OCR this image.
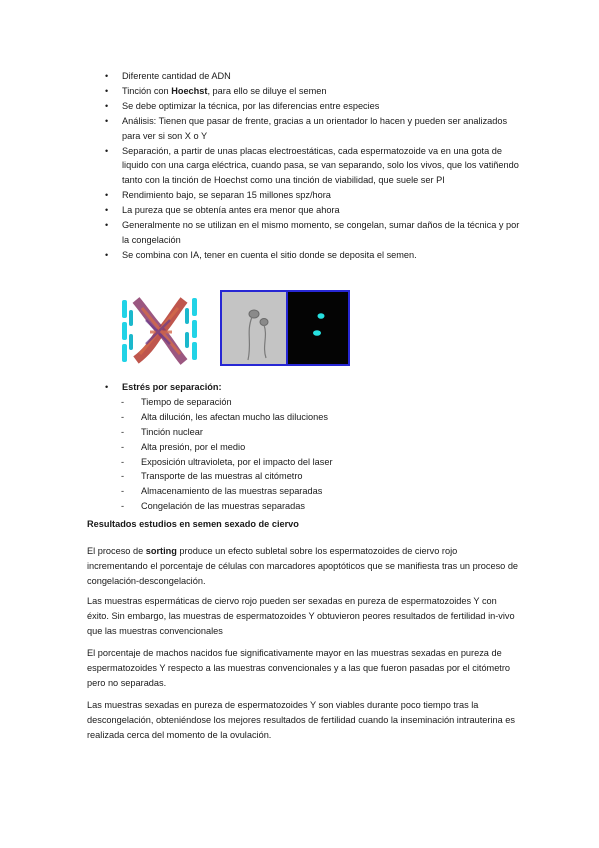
• Diferente cantidad de ADN
• Tinción con Hoechst, para ello se diluye el semen
• Se debe optimizar la técnica, por las diferencias entre especies
• Análisis: Tienen que pasar de frente, gracias a un orientador lo hacen y pueden ser analizados para ver si son X o Y
• Separación, a partir de unas placas electroestáticas, cada espermatozoide va en una gota de liquido con una carga eléctrica, cuando pasa, se van separando, solo los vivos, que los vatiñendo tanto con la tinción de Hoechst como una tinción de viabilidad, que suele ser PI
• Rendimiento bajo, se separan 15 millones spz/hora
• La pureza que se obtenía antes era menor que ahora
• Generalmente no se utilizan en el mismo momento, se congelan, sumar daños de la técnica y por la congelación
• Se combina con IA, tener en cuenta el sitio donde se deposita el semen.
• Estrés por separación:
- Tiempo de separación
- Alta dilución, les afectan mucho las diluciones
- Tinción nuclear
- Alta presión, por el medio
- Exposición ultravioleta, por el impacto del laser
- Transporte de las muestras al citómetro
- Almacenamiento de las muestras separadas
- Congelación de las muestras separadas
Resultados estudios en semen sexado de ciervo

El proceso de sorting produce un efecto subletal sobre los espermatozoides de ciervo rojo incrementando el porcentaje de células con marcadores apoptóticos que se manifiesta tras un proceso de congelación-descongelación.

Las muestras espermáticas de ciervo rojo pueden ser sexadas en pureza de espermatozoides Y con éxito. Sin embargo, las muestras de espermatozoides Y obtuvieron peores resultados de fertilidad in-vivo que las muestras convencionales

El porcentaje de machos nacidos fue significativamente mayor en las muestras sexadas en pureza de espermatozoides Y respecto a las muestras convencionales y a las que fueron pasadas por el citómetro pero no separadas.

Las muestras sexadas en pureza de espermatozoides Y son viables durante poco tiempo tras la descongelación, obteniéndose los mejores resultados de fertilidad cuando la inseminación intrauterina es realizada cerca del momento de la ovulación.
